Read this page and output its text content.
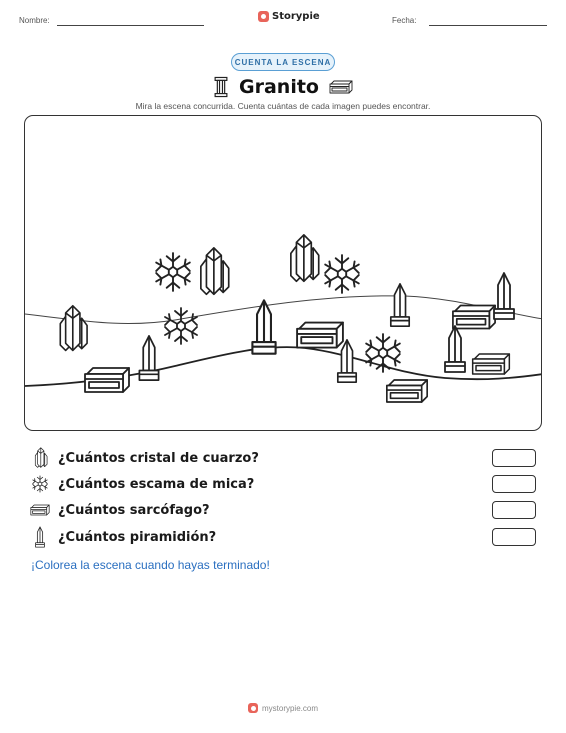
Nombre:	Storypie	Fecha:
CUENTA LA ESCENA
Granito
Mira la escena concurrida. Cuenta cuántas de cada imagen puedes encontrar.
¿Cuántos cristal de cuarzo?
¿Cuántos escama de mica?
¿Cuántos sarcófago?
¿Cuántos piramidión?
¡Colorea la escena cuando hayas terminado!
mystorypie.com
